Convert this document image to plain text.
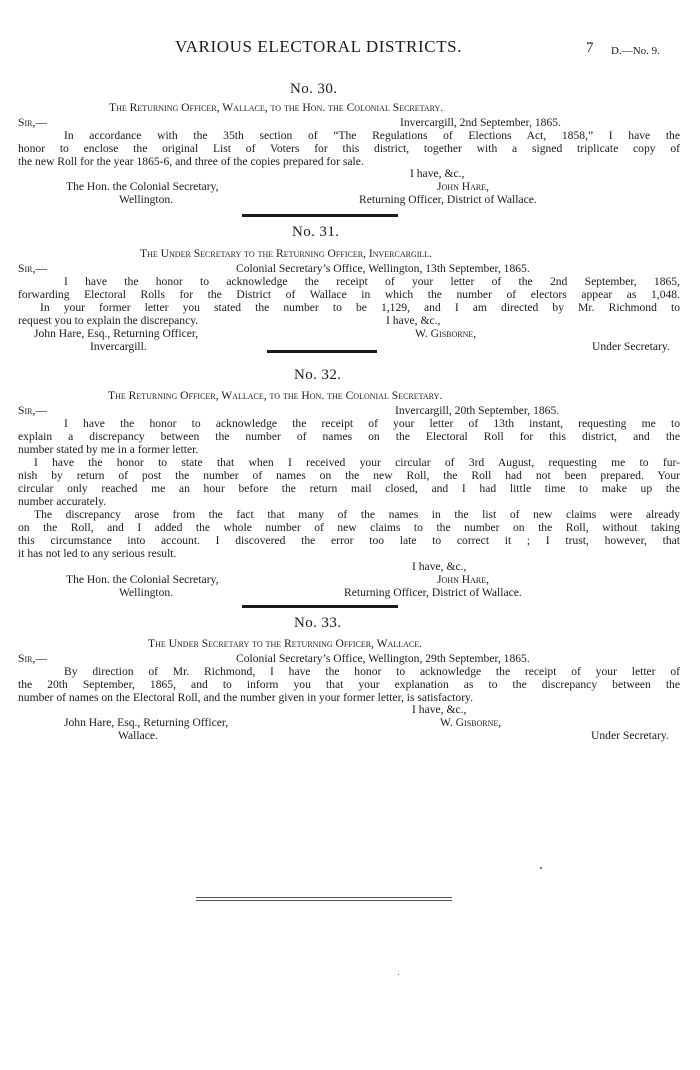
VARIOUS ELECTORAL DISTRICTS.	7 D.—No. 9.
No. 30.
The Returning Officer, Wallace, to the Hon. the Colonial Secretary.
Sir,—	Invercargill, 2nd September, 1865.
In accordance with the 35th section of “The Regulations of Elections Act, 1858,” I have the
honor to enclose the original List of Voters for this district, together with a signed triplicate copy of
the new Roll for the year 1865-6, and three of the copies prepared for sale.
I have, &c.,
The Hon. the Colonial Secretary,	John Hare,
Wellington.	Returning Officer, District of Wallace.
No. 31.
The Under Secretary to the Returning Officer, Invercargill.
Sir,—	Colonial Secretary’s Office, Wellington, 13th September, 1865.
I have the honor to acknowledge the receipt of your letter of the 2nd September, 1865,
forwarding Electoral Rolls for the District of Wallace in which the number of electors appear as 1,048.
In your former letter you stated the number to be 1,129, and I am directed by Mr. Richmond to
request you to explain the discrepancy.	I have, &c.,
John Hare, Esq., Returning Officer,	W. Gisborne,
Invercargill.	Under Secretary.
No. 32.
The Returning Officer, Wallace, to the Hon. the Colonial Secretary.
Sir,—	Invercargill, 20th September, 1865.
I have the honor to acknowledge the receipt of your letter of 13th instant, requesting me to
explain a discrepancy between the number of names on the Electoral Roll for this district, and the
number stated by me in a former letter.
I have the honor to state that when I received your circular of 3rd August, requesting me to fur-
nish by return of post the number of names on the new Roll, the Roll had not been prepared. Your
circular only reached me an hour before the return mail closed, and I had little time to make up the
number accurately.
The discrepancy arose from the fact that many of the names in the list of new claims were already
on the Roll, and I added the whole number of new claims to the number on the Roll, without taking
this circumstance into account. I discovered the error too late to correct it ; I trust, however, that
it has not led to any serious result.
I have, &c.,
The Hon. the Colonial Secretary,	John Hare,
Wellington.	Returning Officer, District of Wallace.
No. 33.
The Under Secretary to the Returning Officer, Wallace.
Sir,—	Colonial Secretary’s Office, Wellington, 29th September, 1865.
By direction of Mr. Richmond, I have the honor to acknowledge the receipt of your letter of
the 20th September, 1865, and to inform you that your explanation as to the discrepancy between the
number of names on the Electoral Roll, and the number given in your former letter, is satisfactory.
I have, &c.,
John Hare, Esq., Returning Officer,	W. Gisborne,
Wallace.	Under Secretary.
